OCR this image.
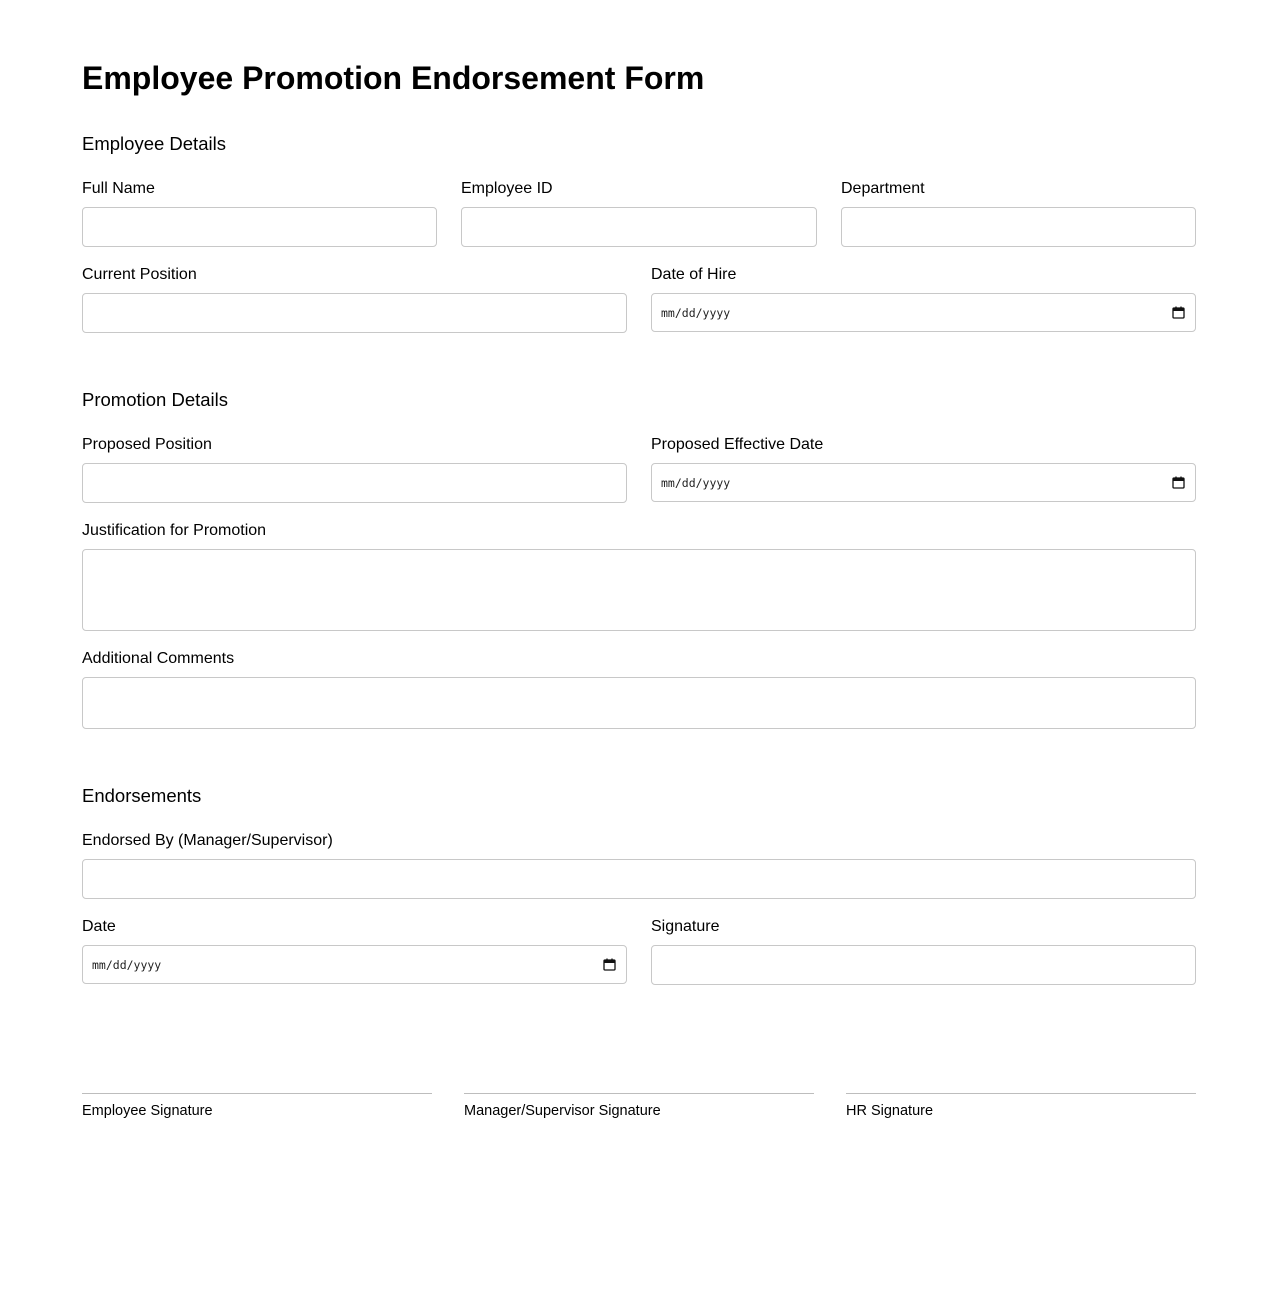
Employee Promotion Endorsement Form
Employee Details
Full Name	Employee ID	Department
Current Position	Date of Hire
mm/dd/yyyy
Promotion Details
Proposed Position	Proposed Effective Date
mm/dd/yyyy
Justification for Promotion
Additional Comments
Endorsements
Endorsed By (Manager/Supervisor)
Date
mm/dd/yyyy
Signature
Employee Signature	Manager/Supervisor Signature	HR Signature
